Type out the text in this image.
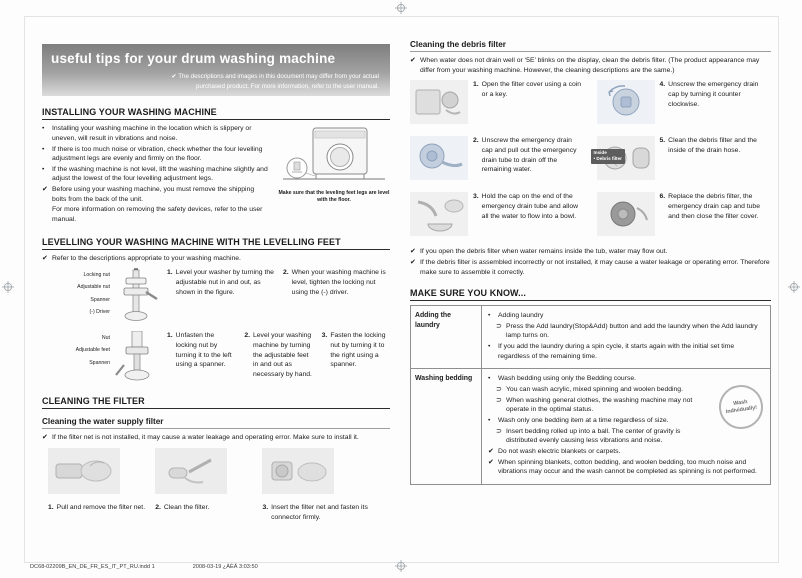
useful tips for your drum washing machine
✔ The descriptions and images in this document may differ from your actual
purchased product. For more information, refer to the user manual.
INSTALLING YOUR WASHING MACHINE
•	Installing your washing machine in the location which is slippery or uneven, will result in vibrations and noise.
•	If there is too much noise or vibration, check whether the four levelling adjustment legs are evenly and firmly on the floor.
•	If the washing machine is not level, lift the washing machine slightly and adjust the lowest of the four levelling adjustment legs.
✔ Before using your washing machine, you must remove the shipping bolts from the back of the unit.
For more information on removing the safety devices, refer to the user manual.
Make sure that the leveling feet legs are level with the floor.
LEVELLING YOUR WASHING MACHINE WITH THE LEVELLING FEET
✔ Refer to the descriptions appropriate to your washing machine.
Locking nut
Adjustable nut
Spanner
(-) Driver
1. Level your washer by turning the adjustable nut in and out, as shown in the figure.
2. When your washing machine is level, tighten the locking nut using the (-) driver.
Nut
Adjustable feet
Spannen
1. Unfasten the locking nut by turning it to the left using a spanner.
2. Level your washing machine by turning the adjustable feet in and out as necessary by hand.
3. Fasten the locking nut by turning it to the right using a spanner.
CLEANING THE FILTER
Cleaning the water supply filter
✔ If the filter net is not installed, it may cause a water leakage and operating error. Make sure to install it.
1. Pull and remove the filter net. 2. Clean the filter.	3. Insert the filter net and fasten its connector firmly.
Cleaning the debris filter
✔ When water does not drain well or ‘5E’ blinks on the display, clean the debris filter. (The product appearance may differ from your washing machine. However, the cleaning descriptions are the same.)
1. Open the filter cover using a coin or a key.
2. Unscrew the emergency drain cap and pull out the emergency drain tube to drain off the remaining water.
3. Hold the cap on the end of the emergency drain tube and allow all the water to flow into a bowl.
4. Unscrew the emergency drain cap by turning it counter clockwise.
Inside
• Debris filter
5. Clean the debris filter and the inside of the drain hose.
6. Replace the debris filter, the emergency drain cap and tube and then close the filter cover.
✔ If you open the debris filter when water remains inside the tub, water may flow out.
✔ If the debris filter is assembled incorrectly or not installed, it may cause a water leakage or operating error. Therefore make sure to assemble it correctly.
MAKE SURE YOU KNOW...
Adding the laundry
•	Adding laundry
⊃ Press the Add laundry(Stop&Add) button and add the laundry when the Add laundry lamp turns on.
•	If you add the laundry during a spin cycle, it starts again with the initial set time regardless of the remaining time.
Washing bedding	•	Wash bedding using only the Bedding course.
⊃ You can wash acrylic, mixed spinning and woolen bedding.
⊃ When washing general clothes, the washing machine may not operate in the optimal status.
•	Wash only one bedding item at a time regardless of size.
⊃ Insert bedding rolled up into a ball. The center of gravity is distributed evenly causing less vibrations and noise.
✔ Do not wash electric blankets or carpets.
✔ When spinning blankets, cotton bedding, and woolen bedding, too much noise and vibrations may occur and the wash cannot be completed as spinning is not performed.
Wash individually!
DC68-02209B_EN_DE_FR_ES_IT_PT_RU.indd 1	2008-03-19 ¿ÀÈÄ 3:03:50
